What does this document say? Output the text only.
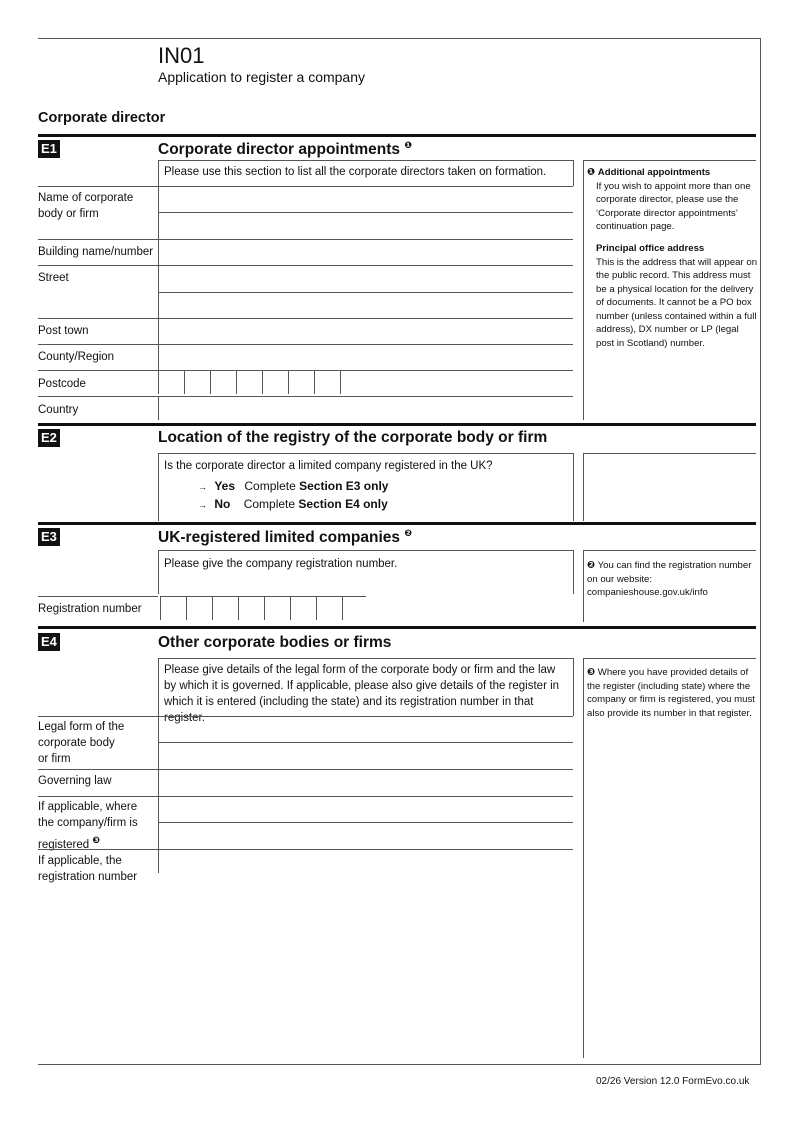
IN01
Application to register a company
Corporate director
E1	Corporate director appointments ❶
Please use this section to list all the corporate directors taken on formation.
Name of corporate
body or firm
Building name/number
Street
Post town
County/Region
Postcode
Country
❶ Additional appointments
If you wish to appoint more than one corporate director, please use the ‘Corporate director appointments’ continuation page.
Principal office address
This is the address that will appear on the public record. This address must be a physical location for the delivery of documents. It cannot be a PO box number (unless contained within a full address), DX number or LP (legal post in Scotland) number.
E2	Location of the registry of the corporate body or firm
Is the corporate director a limited company registered in the UK?
→ Yes Complete Section E3 only
→ No Complete Section E4 only
E3	UK-registered limited companies ❷
Please give the company registration number.
Registration number
❷ You can find the registration number on our website: companieshouse.gov.uk/info
E4	Other corporate bodies or firms
Please give details of the legal form of the corporate body or firm and the law by which it is governed. If applicable, please also give details of the register in which it is entered (including the state) and its registration number in that register.
Legal form of the
corporate body
or firm
Governing law
If applicable, where
the company/firm is
registered ❸
If applicable, the
registration number
❸ Where you have provided details of the register (including state) where the company or firm is registered, you must also provide its number in that register.
02/26 Version 12.0 FormEvo.co.uk
